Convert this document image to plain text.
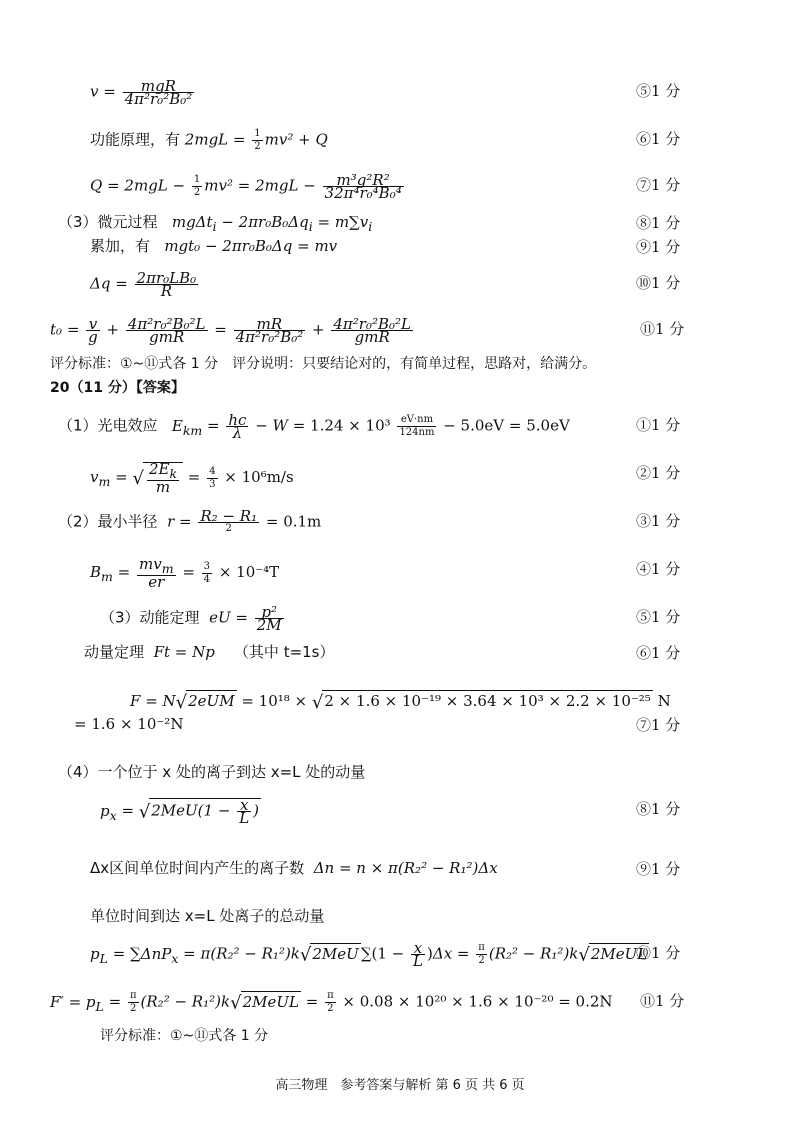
$v = \frac{\text{mgR}}{\text{4π²r₀²B₀²}}$	⑤1 分
功能原理，有 $2mgL = \frac{1}{2} mv^2 + Q$	⑥1 分
$Q = 2mgL - \frac{1}{2} mv^2 = 2mgL - \frac{\text{m³g²R²}}{\text{32π⁴r₀⁴B₀⁴}}$	⑦1 分
（3）微元过程 $mg\Delta t_i - 2\pi r_0B_0\Delta q_i = m\sum v_i$	⑧1 分
累加，有 mgt₀ − 2πr₀B₀Δq = mv	⑨1 分
$\Delta q = \frac{\text{2πr₀LB₀}}{R}$	⑩1 分
$t_0 = \frac{v}{g} + \frac{\text{4π²r₀²B₀²L}}{\text{gmR}} = \frac{mR}{\text{4π²r₀²B₀²}} + \frac{\text{4π²r₀²B₀²L}}{\text{gmR}}$	⑪1 分
评分标准：①~⑪式各 1 分　评分说明：只要结论对的，有简单过程，思路对，给满分。
20（11 分）【答案】
（1）光电效应 $E_{km} = \frac{hc}{\lambda} - W = 1.24 \times 10^3 \frac{eV\cdot nm}{124nm} - 5.0eV = 5.0eV$	①1 分
$v_m$ = √ $\frac{2E_k}{m} = \frac{4}{3} \times 10^6m/s$	②1 分
（2）最小半径 $r = \frac{\text{R₂ − R₁}}{2} = 0.1m$	③1 分
$B_m = \frac{mv_m}{er} = \frac{3}{4} \times 10^{-4}T$	④1 分
（3）动能定理 eU = $\frac{\text{p²}}{2M}$	⑤1 分
动量定理 Ft = Np （其中 t=1s）	⑥1 分
F = N√2eUM = 10¹⁸ × √2 × 1.6 × 10⁻¹⁹ × 3.64 × 10³ × 2.2 × 10⁻²⁵ N
= 1.6 × 10⁻²N	⑦1 分
（4）一个位于 x 处的离子到达 x=L 处的动量
$p_x = √2MeU(1 - \frac{x}{L}$ )	⑧1 分
Δx区间单位时间内产生的离子数 Δn = n × π(R₂² − R₁²)Δx	⑨1 分
单位时间到达 x=L 处离子的总动量
$p_L = \sum\Delta nP_x = \pi(R_2^2 - R_1^2)k√2MeU$ $\sum(1 - \frac{x}{L} )\Delta x = \frac{\pi}{2} (R_2^2$ − R₁²)k√2MeUL
⑩1 分
$F' = p_L = \frac{\pi}{2} (R_2^2$ − R₁²)k√2MeUL = $\frac{\pi}{2} \times 0.08 \times 10^{20} \times 1.6 \times 10^{-20} = 0.2N$ ⑪1 分
评分标准：①~⑪式各 1 分
高三物理　参考答案与解析 第 6 页 共 6 页
